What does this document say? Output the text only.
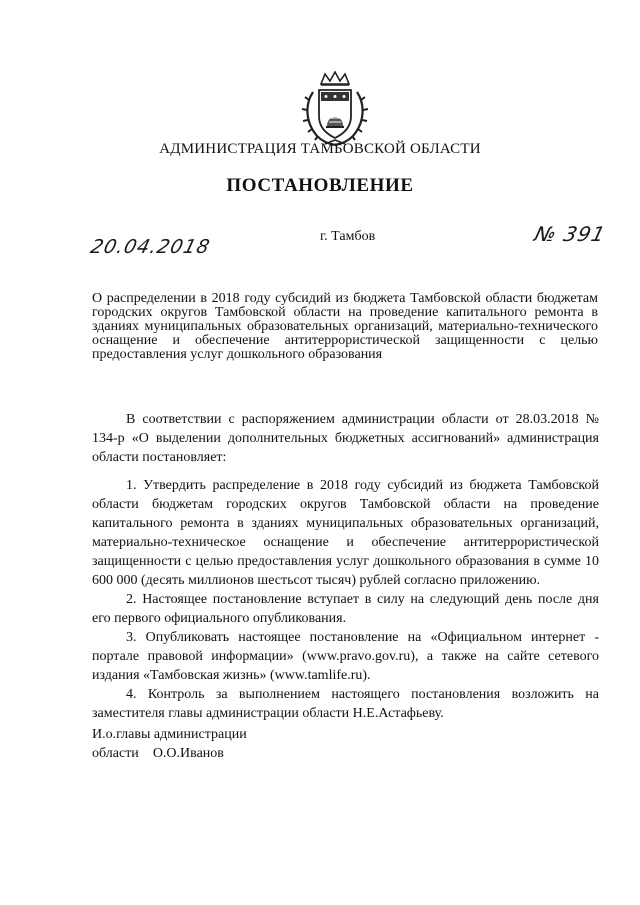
АДМИНИСТРАЦИЯ ТАМБОВСКОЙ ОБЛАСТИ
ПОСТАНОВЛЕНИЕ
20.04.2018	г. Тамбов	№ 391
О распределении в 2018 году субсидий из бюджета Тамбовской области бюджетам городских округов Тамбовской области на проведение капитального ремонта в зданиях муниципальных образовательных организаций, материально-технического оснащение и обеспечение антитеррористической защищенности с целью предоставления услуг дошкольного образования

В соответствии с распоряжением администрации области от 28.03.2018 № 134-р «О выделении дополнительных бюджетных ассигнований» администрация области постановляет:

1. Утвердить распределение в 2018 году субсидий из бюджета Тамбовской области бюджетам городских округов Тамбовской области на проведение капитального ремонта в зданиях муниципальных образовательных организаций, материально-техническое оснащение и обеспечение антитеррористической защищенности с целью предоставления услуг дошкольного образования в сумме 10 600 000 (десять миллионов шестьсот тысяч) рублей согласно приложению.

2. Настоящее постановление вступает в силу на следующий день после дня его первого официального опубликования.

3. Опубликовать настоящее постановление на «Официальном интернет - портале правовой информации» (www.pravo.gov.ru), а также на сайте сетевого издания «Тамбовская жизнь» (www.tamlife.ru).

4. Контроль за выполнением настоящего постановления возложить на заместителя главы администрации области Н.Е.Астафьеву.

И.о.главы администрации
области О.О.Иванов
